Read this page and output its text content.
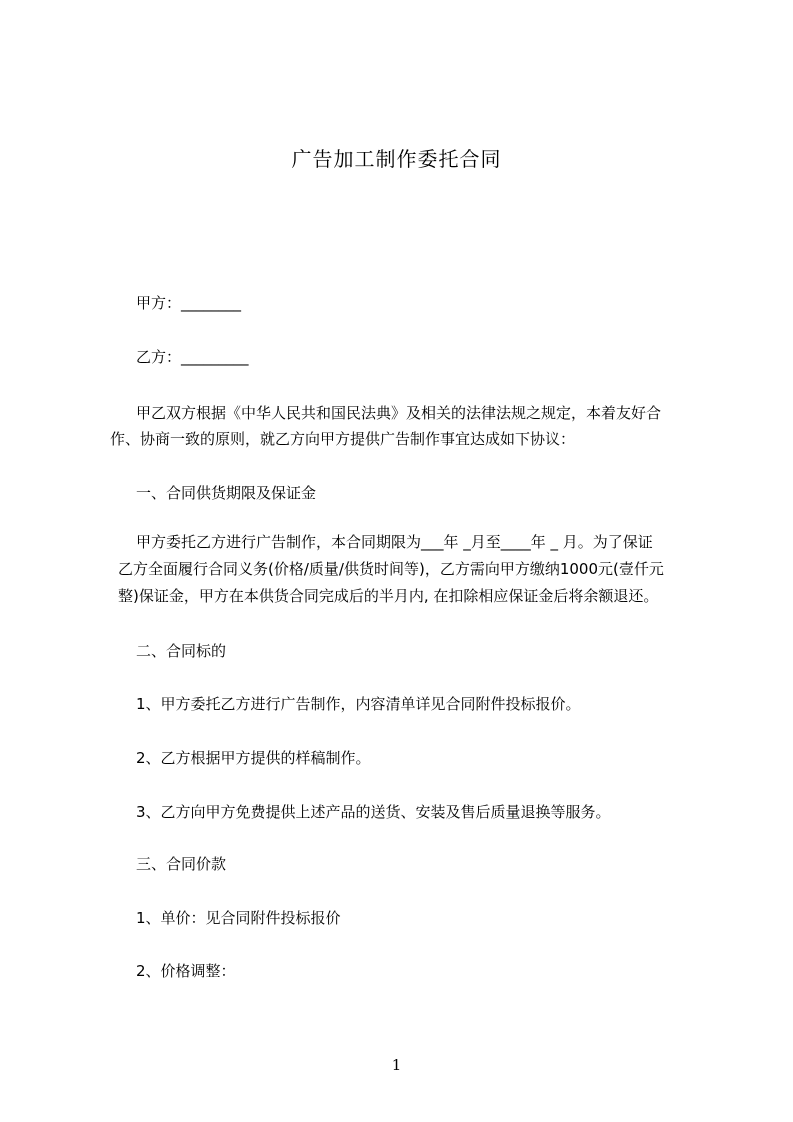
广告加工制作委托合同
甲方：________
乙方：_________
甲乙双方根据《中华人民共和国民法典》及相关的法律法规之规定，本着友好合
作、协商一致的原则，就乙方向甲方提供广告制作事宜达成如下协议：
一、合同供货期限及保证金
甲方委托乙方进行广告制作，本合同期限为___年 _月至____年 _ 月。为了保证
乙方全面履行合同义务(价格/质量/供货时间等)，乙方需向甲方缴纳1000元(壹仟元
整)保证金，甲方在本供货合同完成后的半月内, 在扣除相应保证金后将余额退还。
二、合同标的
1、甲方委托乙方进行广告制作，内容清单详见合同附件投标报价。
2、乙方根据甲方提供的样稿制作。
3、乙方向甲方免费提供上述产品的送货、安装及售后质量退换等服务。
三、合同价款
1、单价：见合同附件投标报价
2、价格调整：
1
